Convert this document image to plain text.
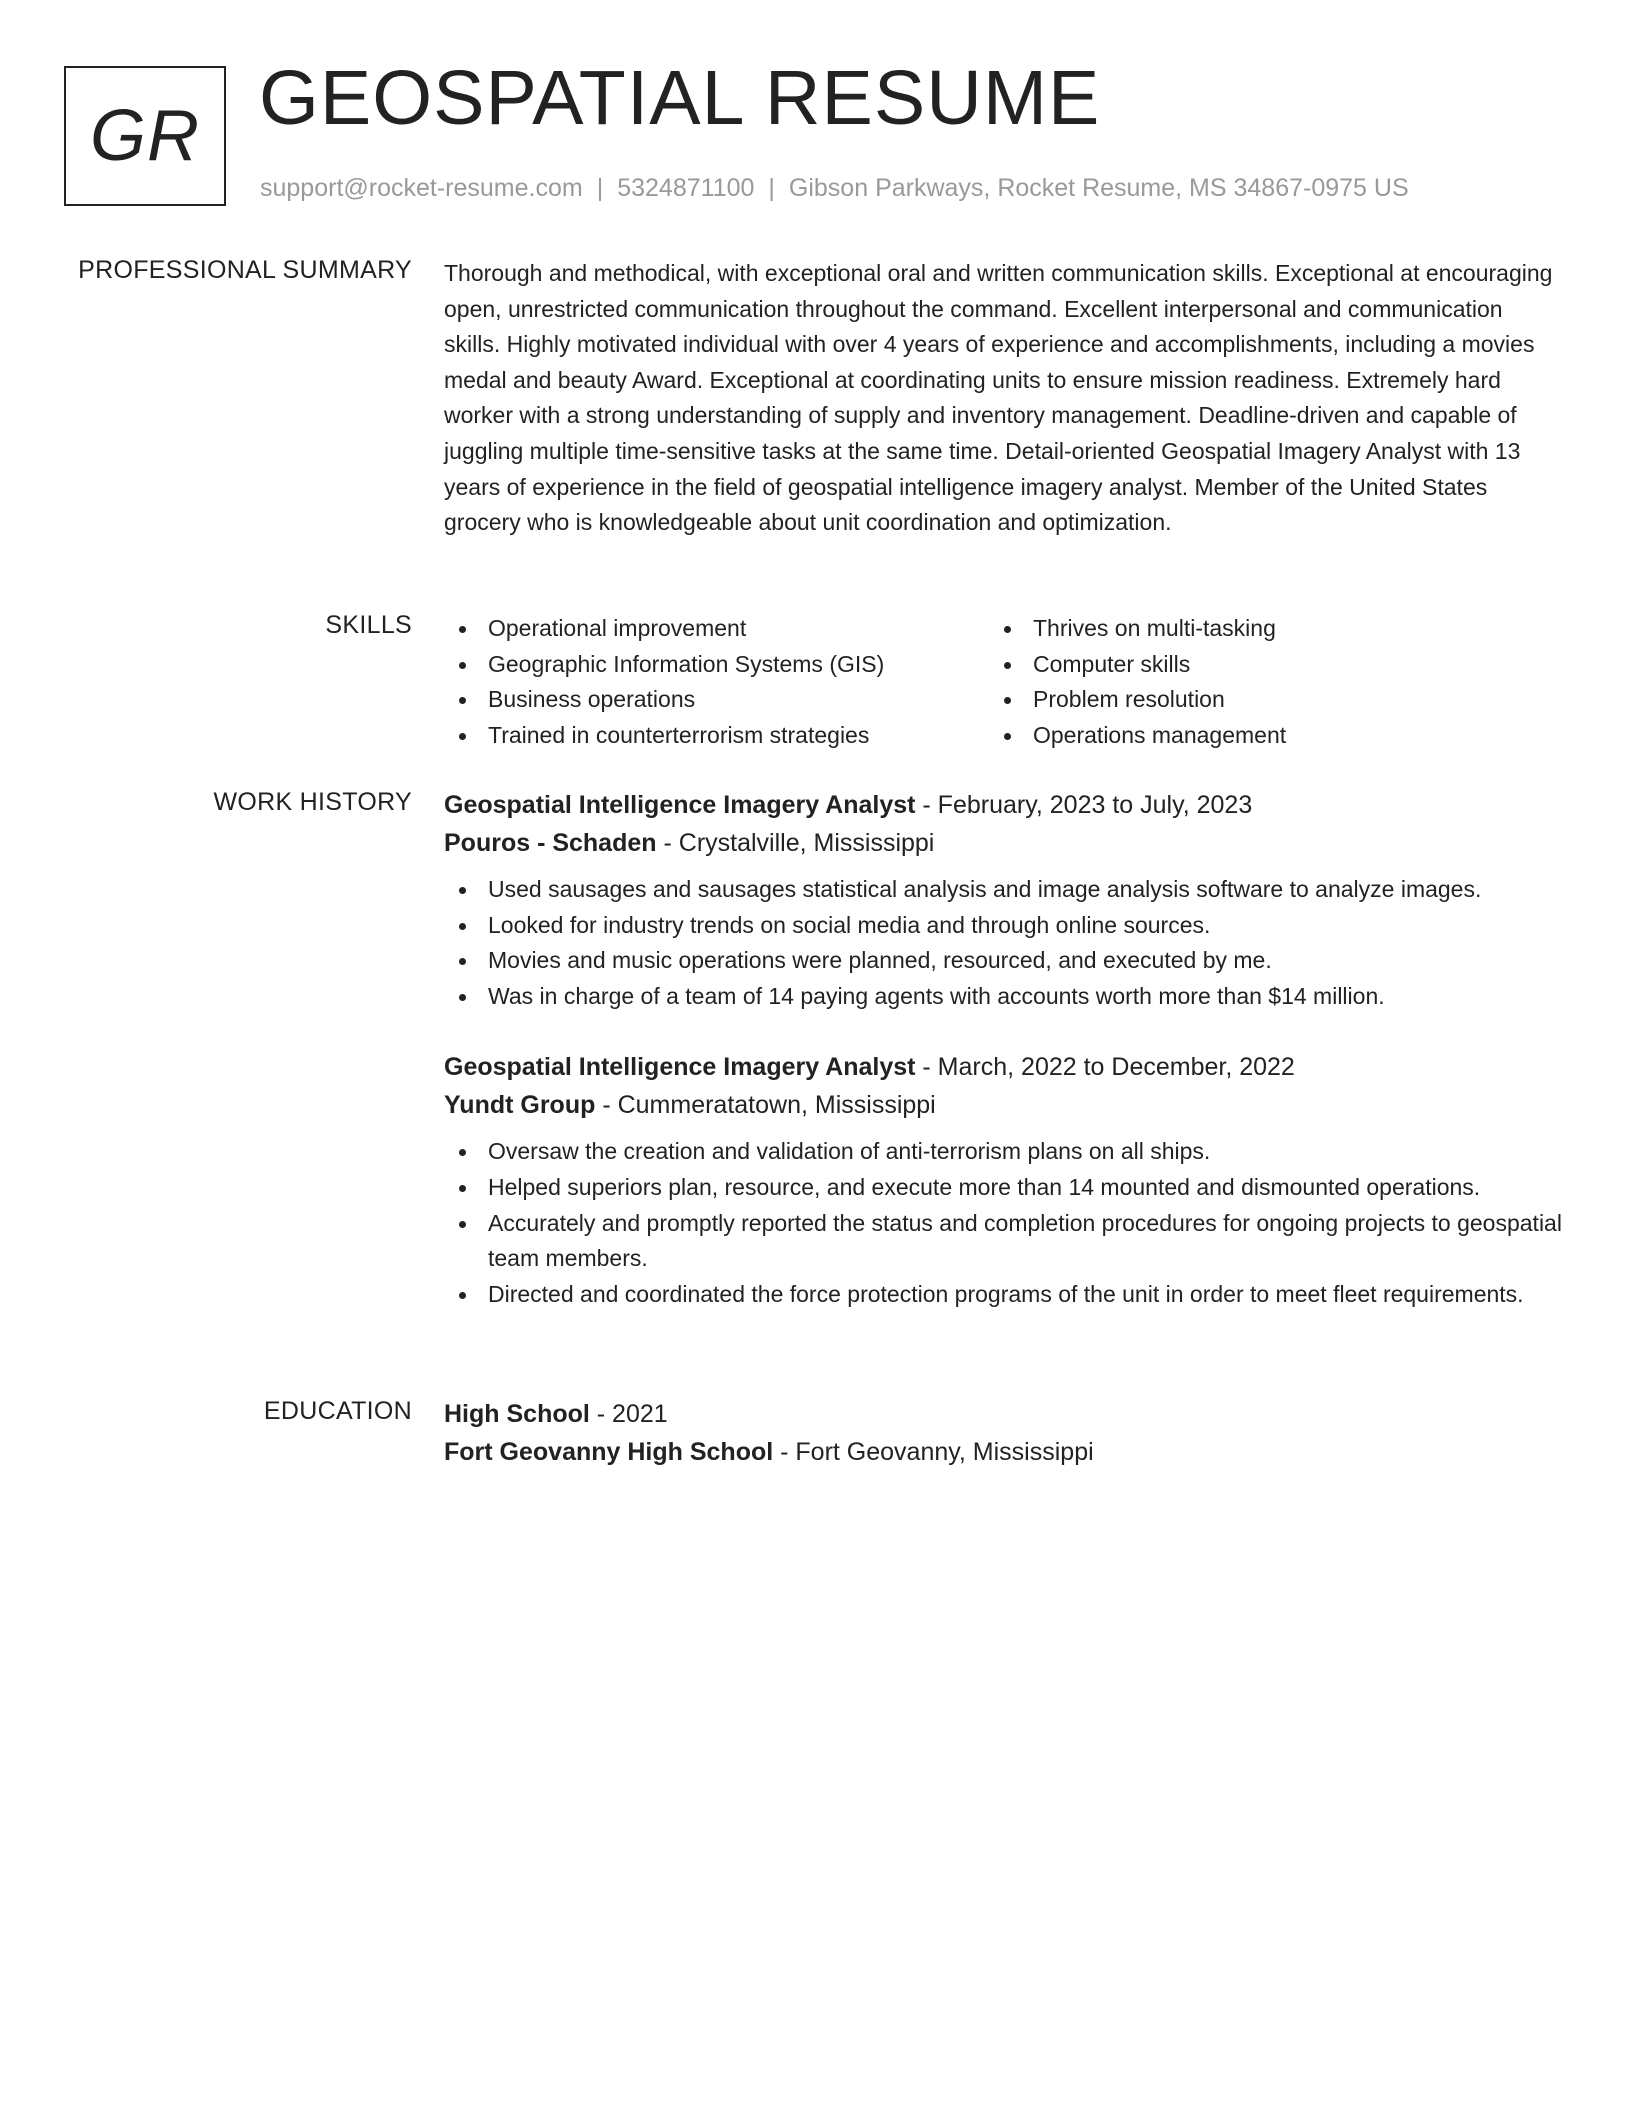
GR GEOSPATIAL RESUME
support@rocket-resume.com | 5324871100 | Gibson Parkways, Rocket Resume, MS 34867-0975 US
PROFESSIONAL SUMMARY Thorough and methodical, with exceptional oral and written communication skills. Exceptional at encouraging open, unrestricted communication throughout the command. Excellent interpersonal and communication skills. Highly motivated individual with over 4 years of experience and accomplishments, including a movies medal and beauty Award. Exceptional at coordinating units to ensure mission readiness. Extremely hard worker with a strong understanding of supply and inventory management. Deadline-driven and capable of juggling multiple time-sensitive tasks at the same time. Detail-oriented Geospatial Imagery Analyst with 13 years of experience in the field of geospatial intelligence imagery analyst. Member of the United States grocery who is knowledgeable about unit coordination and optimization.

SKILLS	Operational improvement
Geographic Information Systems (GIS)
Business operations
Trained in counterterrorism strategies
Thrives on multi-tasking
Computer skills
Problem resolution
Operations management
WORK HISTORY Geospatial Intelligence Imagery Analyst - February, 2023 to July, 2023
Pouros - Schaden - Crystalville, Mississippi
Used sausages and sausages statistical analysis and image analysis software to analyze images.
Looked for industry trends on social media and through online sources.
Movies and music operations were planned, resourced, and executed by me.
Was in charge of a team of 14 paying agents with accounts worth more than $14 million.
Geospatial Intelligence Imagery Analyst - March, 2022 to December, 2022
Yundt Group - Cummeratatown, Mississippi
Oversaw the creation and validation of anti-terrorism plans on all ships.
Helped superiors plan, resource, and execute more than 14 mounted and dismounted operations.
Accurately and promptly reported the status and completion procedures for ongoing projects to geospatial team members.
Directed and coordinated the force protection programs of the unit in order to meet fleet requirements.
EDUCATION High School - 2021
Fort Geovanny High School - Fort Geovanny, Mississippi
